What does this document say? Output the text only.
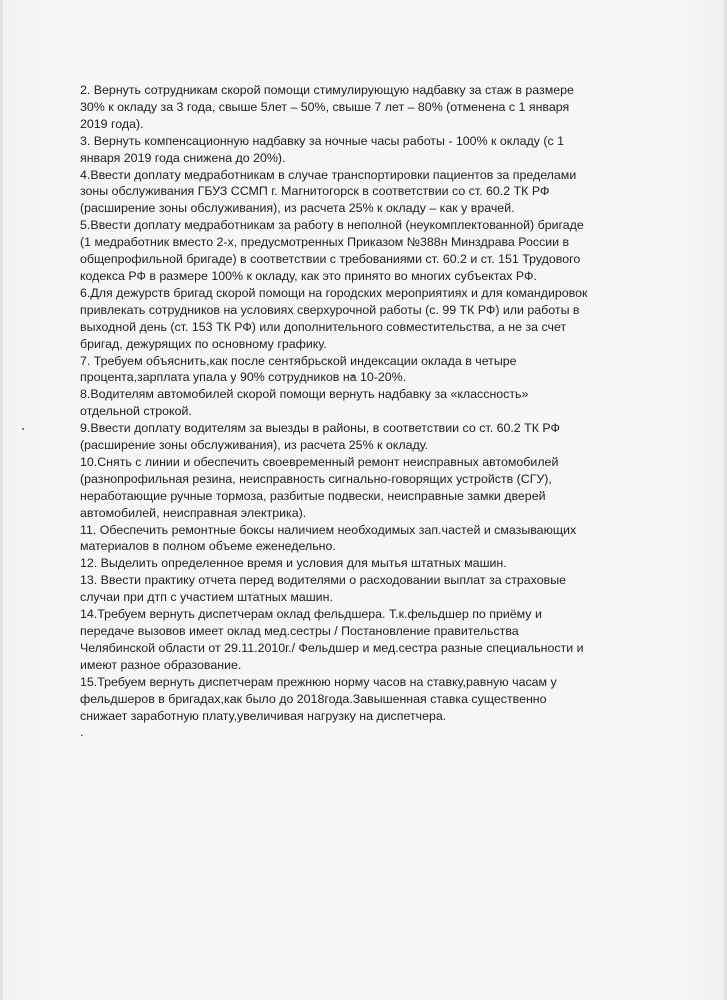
2. Вернуть сотрудникам скорой помощи стимулирующую надбавку за стаж в размере
30% к окладу за 3 года, свыше 5лет – 50%, свыше 7 лет – 80% (отменена с 1 января
2019 года).
3. Вернуть компенсационную надбавку за ночные часы работы - 100% к окладу (с 1
января 2019 года снижена до 20%).
4.Ввести доплату медработникам в случае транспортировки пациентов за пределами
зоны обслуживания ГБУЗ ССМП г. Магнитогорск в соответствии со ст. 60.2 ТК РФ
(расширение зоны обслуживания), из расчета 25% к окладу – как у врачей.
5.Ввести доплату медработникам за работу в неполной (неукомплектованной) бригаде
(1 медработник вместо 2-х, предусмотренных Приказом №388н Минздрава России в
общепрофильной бригаде) в соответствии с требованиями ст. 60.2 и ст. 151 Трудового
кодекса РФ в размере 100% к окладу, как это принято во многих субъектах РФ.
6.Для дежурств бригад скорой помощи на городских мероприятиях и для командировок
привлекать сотрудников на условиях сверхурочной работы (с. 99 ТК РФ) или работы в
выходной день (ст. 153 ТК РФ) или дополнительного совместительства, а не за счет
бригад, дежурящих по основному графику.
7. Требуем объяснить,как после сентябрьской индексации оклада в четыре
процента,зарплата упала у 90% сотрудников на 10-20%.
8.Водителям автомобилей скорой помощи вернуть надбавку за «классность»
отдельной строкой.
9.Ввести доплату водителям за выезды в районы, в соответствии со ст. 60.2 ТК РФ
(расширение зоны обслуживания), из расчета 25% к окладу.
10.Снять с линии и обеспечить своевременный ремонт неисправных автомобилей
(разнопрофильная резина, неисправность сигнально-говорящих устройств (СГУ),
неработающие ручные тормоза, разбитые подвески, неисправные замки дверей
автомобилей, неисправная электрика).
11. Обеспечить ремонтные боксы наличием необходимых зап.частей и смазывающих
материалов в полном объеме еженедельно.
12. Выделить определенное время и условия для мытья штатных машин.
13. Ввести практику отчета перед водителями о расходовании выплат за страховые
случаи при дтп с участием штатных машин.
14.Требуем вернуть диспетчерам оклад фельдшера. Т.к.фельдшер по приёму и
передаче вызовов имеет оклад мед.сестры / Постановление правительства
Челябинской области от 29.11.2010г./ Фельдшер и мед.сестра разные специальности и
имеют разное образование.
15.Требуем вернуть диспетчерам прежнюю норму часов на ставку,равную часам у
фельдшеров в бригадах,как было до 2018года.Завышенная ставка существенно
снижает заработную плату,увеличивая нагрузку на диспетчера.
.
